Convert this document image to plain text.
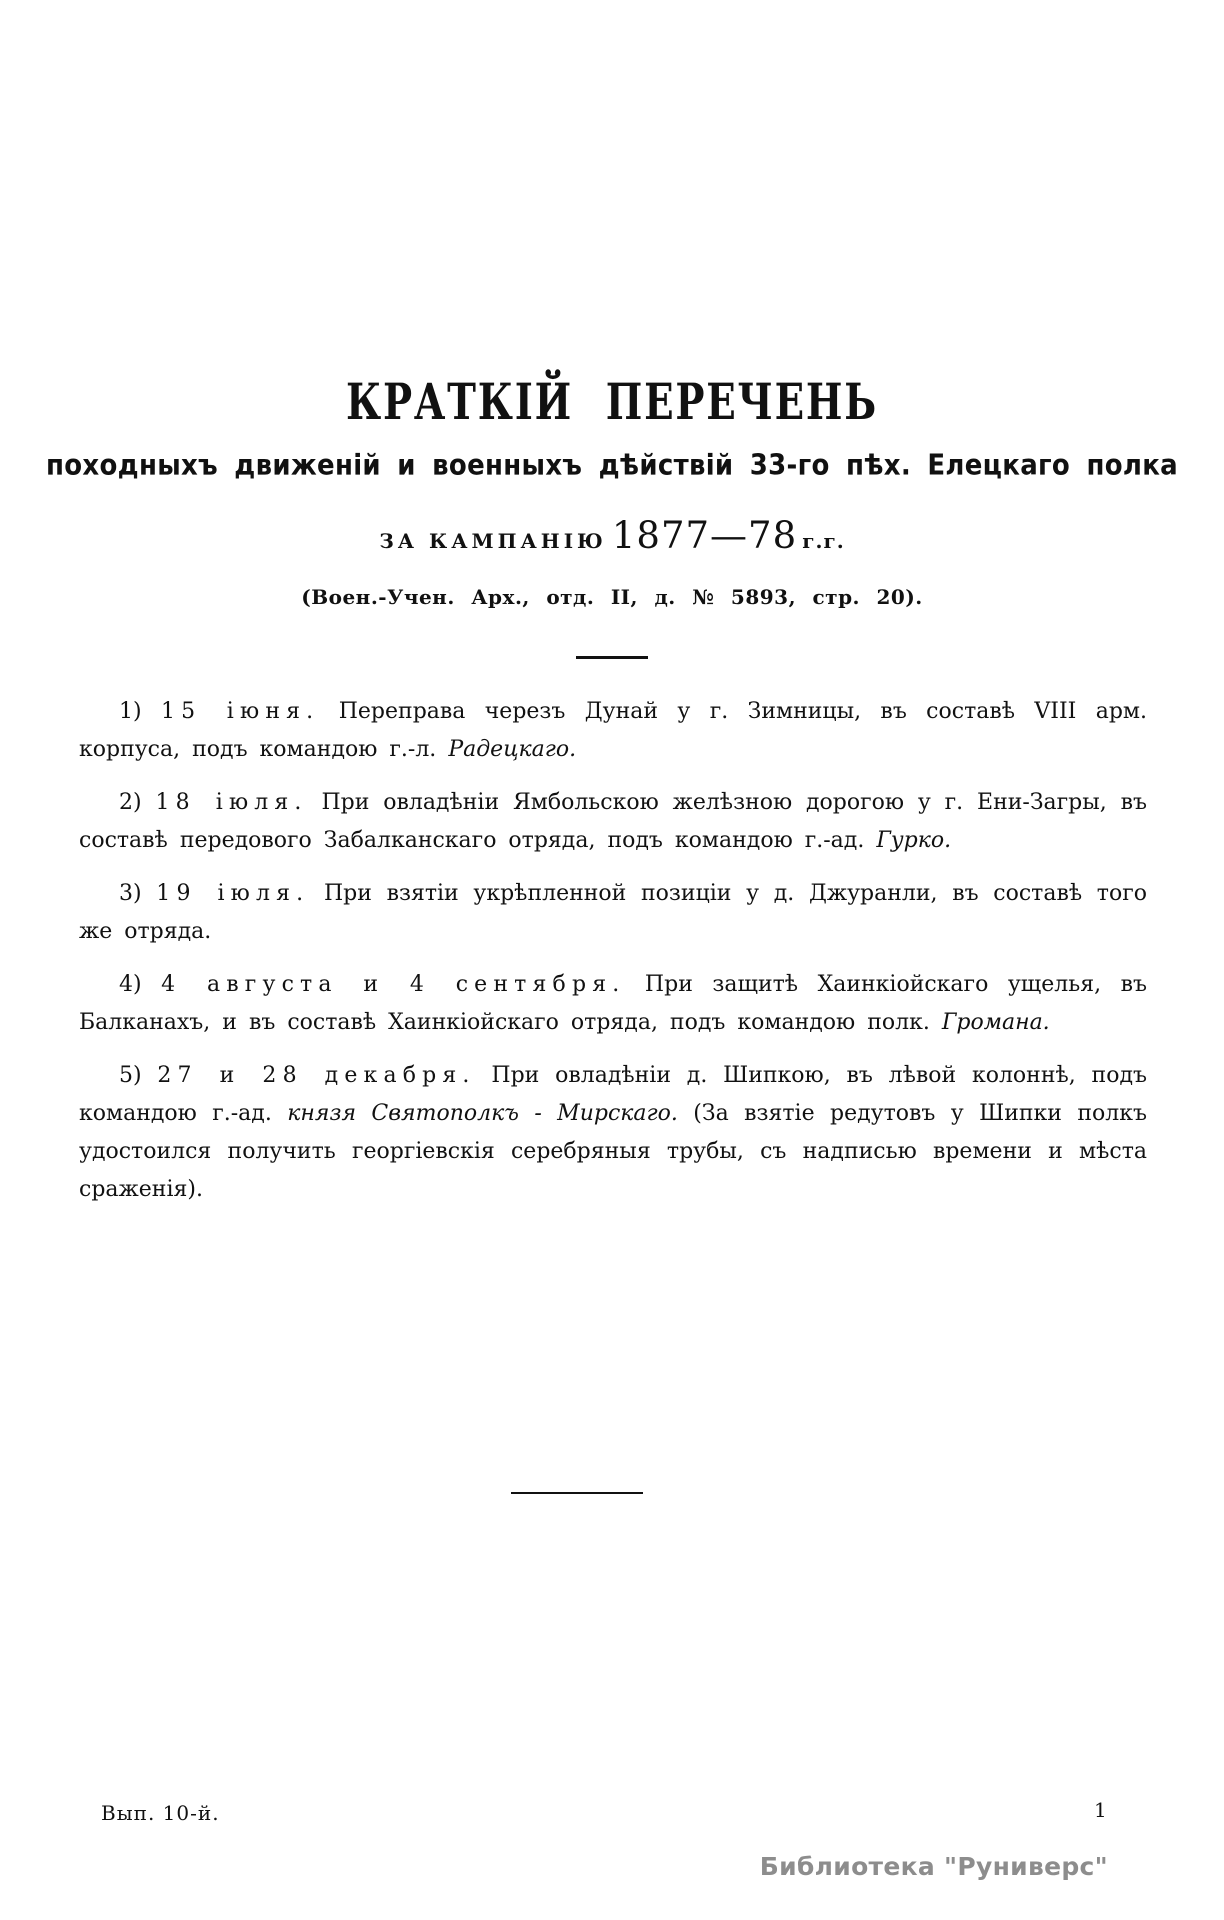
КРАТКІЙ ПЕРЕЧЕНЬ
походныхъ движеній и военныхъ дѣйствій 33-го пѣх. Елецкаго полка
ЗА КАМПАНІЮ 1877—78 г.г.
(Воен.-Учен. Арх., отд. II, д. № 5893, стр. 20).

1) 15 іюня. Переправа черезъ Дунай у г. Зимницы, въ составѣ VIII арм. корпуса, подъ командою г.-л. Радецкаго.

2) 18 іюля. При овладѣніи Ямбольскою желѣзною дорогою у г. Ени-Загры, въ составѣ передового Забалканскаго отряда, подъ командою г.-ад. Гурко.

3) 19 іюля. При взятіи укрѣпленной позиціи у д. Джуранли, въ составѣ того же отряда.

4) 4 августа и 4 сентября. При защитѣ Хаинкіойскаго ущелья, въ Балканахъ, и въ составѣ Хаинкіойскаго отряда, подъ командою полк. Громана.

5) 27 и 28 декабря. При овладѣніи д. Шипкою, въ лѣвой колоннѣ, подъ командою г.-ад. князя Святополкъ - Мирскаго. (За взятіе редутовъ у Шипки полкъ удостоился получить георгіевскія серебряныя трубы, съ надписью времени и мѣста сраженія).

Вып. 10-й.	1
Библиотека "Руниверс"
